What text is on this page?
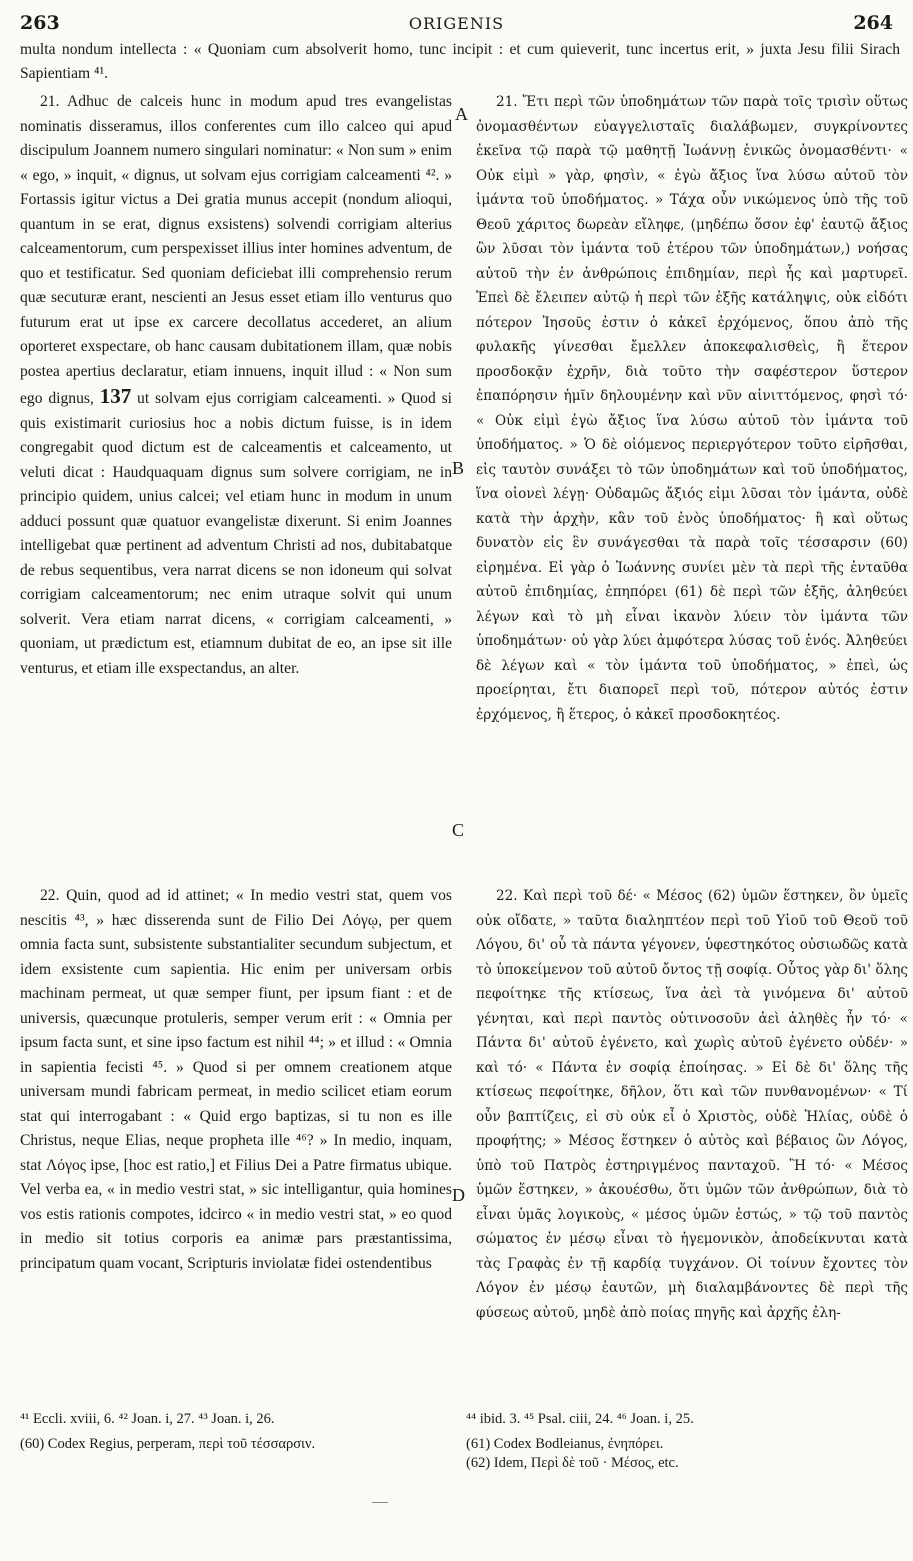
263	ORIGENIS	264
multa nondum intellecta : « Quoniam cum absolverit homo, tunc incipit : et cum quieverit, tunc incertus erit, » juxta Jesu filii Sirach Sapientiam ⁴¹.

21. Adhuc de calceis hunc in modum apud tres evangelistas nominatis disseramus, illos conferentes cum illo calceo qui apud discipulum Joannem numero singulari nominatur: « Non sum » enim « ego, » inquit, « dignus, ut solvam ejus corrigiam calceamenti ⁴². » Fortassis igitur victus a Dei gratia munus accepit (nondum alioqui, quantum in se erat, dignus exsistens) solvendi corrigiam alterius calceamentorum, cum perspexisset illius inter homines adventum, de quo et testificatur. Sed quoniam deficiebat illi comprehensio rerum quæ secuturæ erant, nescienti an Jesus esset etiam illo venturus quo futurum erat ut ipse ex carcere decollatus accederet, an alium oporteret exspectare, ob hanc causam dubitationem illam, quæ nobis postea apertius declaratur, etiam innuens, inquit illud : « Non sum ego dignus, 137 ut solvam ejus corrigiam calceamenti. » Quod si quis existimarit curiosius hoc a nobis dictum fuisse, is in idem congregabit quod dictum est de calceamentis et calceamento, ut veluti dicat : Haudquaquam dignus sum solvere corrigiam, ne in principio quidem, unius calcei; vel etiam hunc in modum in unum adduci possunt quæ quatuor evangelistæ dixerunt. Si enim Joannes intelligebat quæ pertinent ad adventum Christi ad nos, dubitabatque de rebus sequentibus, vera narrat dicens se non idoneum qui solvat corrigiam calceamentorum; nec enim utraque solvit qui unum solverit. Vera etiam narrat dicens, « corrigiam calceamenti, » quoniam, ut prædictum est, etiamnum dubitat de eo, an ipse sit ille venturus, et etiam ille exspectandus, an alter.

21. Ἔτι περὶ τῶν ὑποδημάτων τῶν παρὰ τοῖς τρισὶν οὕτως ὀνομασθέντων εὐαγγελισταῖς διαλάβωμεν, συγκρίνοντες ἐκεῖνα τῷ παρὰ τῷ μαθητῇ Ἰωάννῃ ἑνικῶς ὀνομασθέντι· « Οὐκ εἰμὶ » γὰρ, φησὶν, « ἐγὼ ἄξιος ἵνα λύσω αὐτοῦ τὸν ἱμάντα τοῦ ὑποδήματος. » Τάχα οὖν νικώμενος ὑπὸ τῆς τοῦ Θεοῦ χάριτος δωρεὰν εἴληφε, (μηδέπω ὅσον ἐφ' ἑαυτῷ ἄξιος ὢν λῦσαι τὸν ἱμάντα τοῦ ἑτέρου τῶν ὑποδημάτων,) νοήσας αὐτοῦ τὴν ἐν ἀνθρώποις ἐπιδημίαν, περὶ ἧς καὶ μαρτυρεῖ. Ἐπεὶ δὲ ἔλειπεν αὐτῷ ἡ περὶ τῶν ἑξῆς κατάληψις, οὐκ εἰδότι πότερον Ἰησοῦς ἐστιν ὁ κἀκεῖ ἐρχόμενος, ὅπου ἀπὸ τῆς φυλακῆς γίνεσθαι ἔμελλεν ἀποκεφαλισθεὶς, ἢ ἕτερον προσδοκᾷν ἐχρῆν, διὰ τοῦτο τὴν σαφέστερον ὕστερον ἐπαπόρησιν ἡμῖν δηλουμένην καὶ νῦν αἰνιττόμενος, φησὶ τό· « Οὐκ εἰμὶ ἐγὼ ἄξιος ἵνα λύσω αὐτοῦ τὸν ἱμάντα τοῦ ὑποδήματος. » Ὁ δὲ οἰόμενος περιεργότερον τοῦτο εἰρῆσθαι, εἰς ταυτὸν συνάξει τὸ τῶν ὑποδημάτων καὶ τοῦ ὑποδήματος, ἵνα οἱονεὶ λέγῃ· Οὐδαμῶς ἄξιός εἰμι λῦσαι τὸν ἱμάντα, οὐδὲ κατὰ τὴν ἀρχὴν, κἂν τοῦ ἑνὸς ὑποδήματος· ἢ καὶ οὕτως δυνατὸν εἰς ἓν συνάγεσθαι τὰ παρὰ τοῖς τέσσαρσιν (60) εἰρημένα. Εἰ γὰρ ὁ Ἰωάννης συνίει μὲν τὰ περὶ τῆς ἐνταῦθα αὐτοῦ ἐπιδημίας, ἐπηπόρει (61) δὲ περὶ τῶν ἑξῆς, ἀληθεύει λέγων καὶ τὸ μὴ εἶναι ἱκανὸν λύειν τὸν ἱμάντα τῶν ὑποδημάτων· οὐ γὰρ λύει ἀμφότερα λύσας τοῦ ἑνός. Ἀληθεύει δὲ λέγων καὶ « τὸν ἱμάντα τοῦ ὑποδήματος, » ἐπεὶ, ὡς προείρηται, ἔτι διαπορεῖ περὶ τοῦ, πότερον αὐτός ἐστιν ἐρχόμενος, ἢ ἕτερος, ὁ κἀκεῖ προσδοκητέος.

22. Quin, quod ad id attinet; « In medio vestri stat, quem vos nescitis ⁴³, » hæc disserenda sunt de Filio Dei Λόγῳ, per quem omnia facta sunt, subsistente substantialiter secundum subjectum, et idem exsistente cum sapientia. Hic enim per universam orbis machinam permeat, ut quæ semper fiunt, per ipsum fiant : et de universis, quæcunque protuleris, semper verum erit : « Omnia per ipsum facta sunt, et sine ipso factum est nihil ⁴⁴; » et illud : « Omnia in sapientia fecisti ⁴⁵. » Quod si per omnem creationem atque universam mundi fabricam permeat, in medio scilicet etiam eorum stat qui interrogabant : « Quid ergo baptizas, si tu non es ille Christus, neque Elias, neque propheta ille ⁴⁶? » In medio, inquam, stat Λόγος ipse, [hoc est ratio,] et Filius Dei a Patre firmatus ubique. Vel verba ea, « in medio vestri stat, » sic intelligantur, quia homines vos estis rationis compotes, idcirco « in medio vestri stat, » eo quod in medio sit totius corporis ea animæ pars præstantissima, principatum quam vocant, Scripturis inviolatæ fidei ostendentibus

22. Καὶ περὶ τοῦ δέ· « Μέσος (62) ὑμῶν ἕστηκεν, ὃν ὑμεῖς οὐκ οἴδατε, » ταῦτα διαληπτέον περὶ τοῦ Υἱοῦ τοῦ Θεοῦ τοῦ Λόγου, δι' οὗ τὰ πάντα γέγονεν, ὑφεστηκότος οὐσιωδῶς κατὰ τὸ ὑποκείμενον τοῦ αὐτοῦ ὄντος τῇ σοφίᾳ. Οὗτος γὰρ δι' ὅλης πεφοίτηκε τῆς κτίσεως, ἵνα ἀεὶ τὰ γινόμενα δι' αὐτοῦ γένηται, καὶ περὶ παντὸς οὑτινοσοῦν ἀεὶ ἀληθὲς ἦν τό· « Πάντα δι' αὐτοῦ ἐγένετο, καὶ χωρὶς αὐτοῦ ἐγένετο οὐδέν· » καὶ τό· « Πάντα ἐν σοφίᾳ ἐποίησας. » Εἰ δὲ δι' ὅλης τῆς κτίσεως πεφοίτηκε, δῆλον, ὅτι καὶ τῶν πυνθανομένων· « Τί οὖν βαπτίζεις, εἰ σὺ οὐκ εἶ ὁ Χριστὸς, οὐδὲ Ἠλίας, οὐδὲ ὁ προφήτης; » Μέσος ἕστηκεν ὁ αὐτὸς καὶ βέβαιος ὢν Λόγος, ὑπὸ τοῦ Πατρὸς ἐστηριγμένος πανταχοῦ. Ἢ τό· « Μέσος ὑμῶν ἕστηκεν, » ἀκουέσθω, ὅτι ὑμῶν τῶν ἀνθρώπων, διὰ τὸ εἶναι ὑμᾶς λογικοὺς, « μέσος ὑμῶν ἑστώς, » τῷ τοῦ παντὸς σώματος ἐν μέσῳ εἶναι τὸ ἡγεμονικὸν, ἀποδείκνυται κατὰ τὰς Γραφὰς ἐν τῇ καρδίᾳ τυγχάνον. Οἱ τοίνυν ἔχοντες τὸν Λόγον ἐν μέσῳ ἑαυτῶν, μὴ διαλαμβάνοντες δὲ περὶ τῆς φύσεως αὐτοῦ, μηδὲ ἀπὸ ποίας πηγῆς καὶ ἀρχῆς ἐλη-

A
B
C
D
⁴¹ Eccli. xviii, 6. ⁴² Joan. i, 27. ⁴³ Joan. i, 26.
(60) Codex Regius, perperam, περὶ τοῦ τέσσαρσιν.
⁴⁴ ibid. 3. ⁴⁵ Psal. ciii, 24. ⁴⁶ Joan. i, 25.
(61) Codex Bodleianus, ἐνηπόρει.
(62) Idem, Περὶ δὲ τοῦ · Μέσος, etc.
